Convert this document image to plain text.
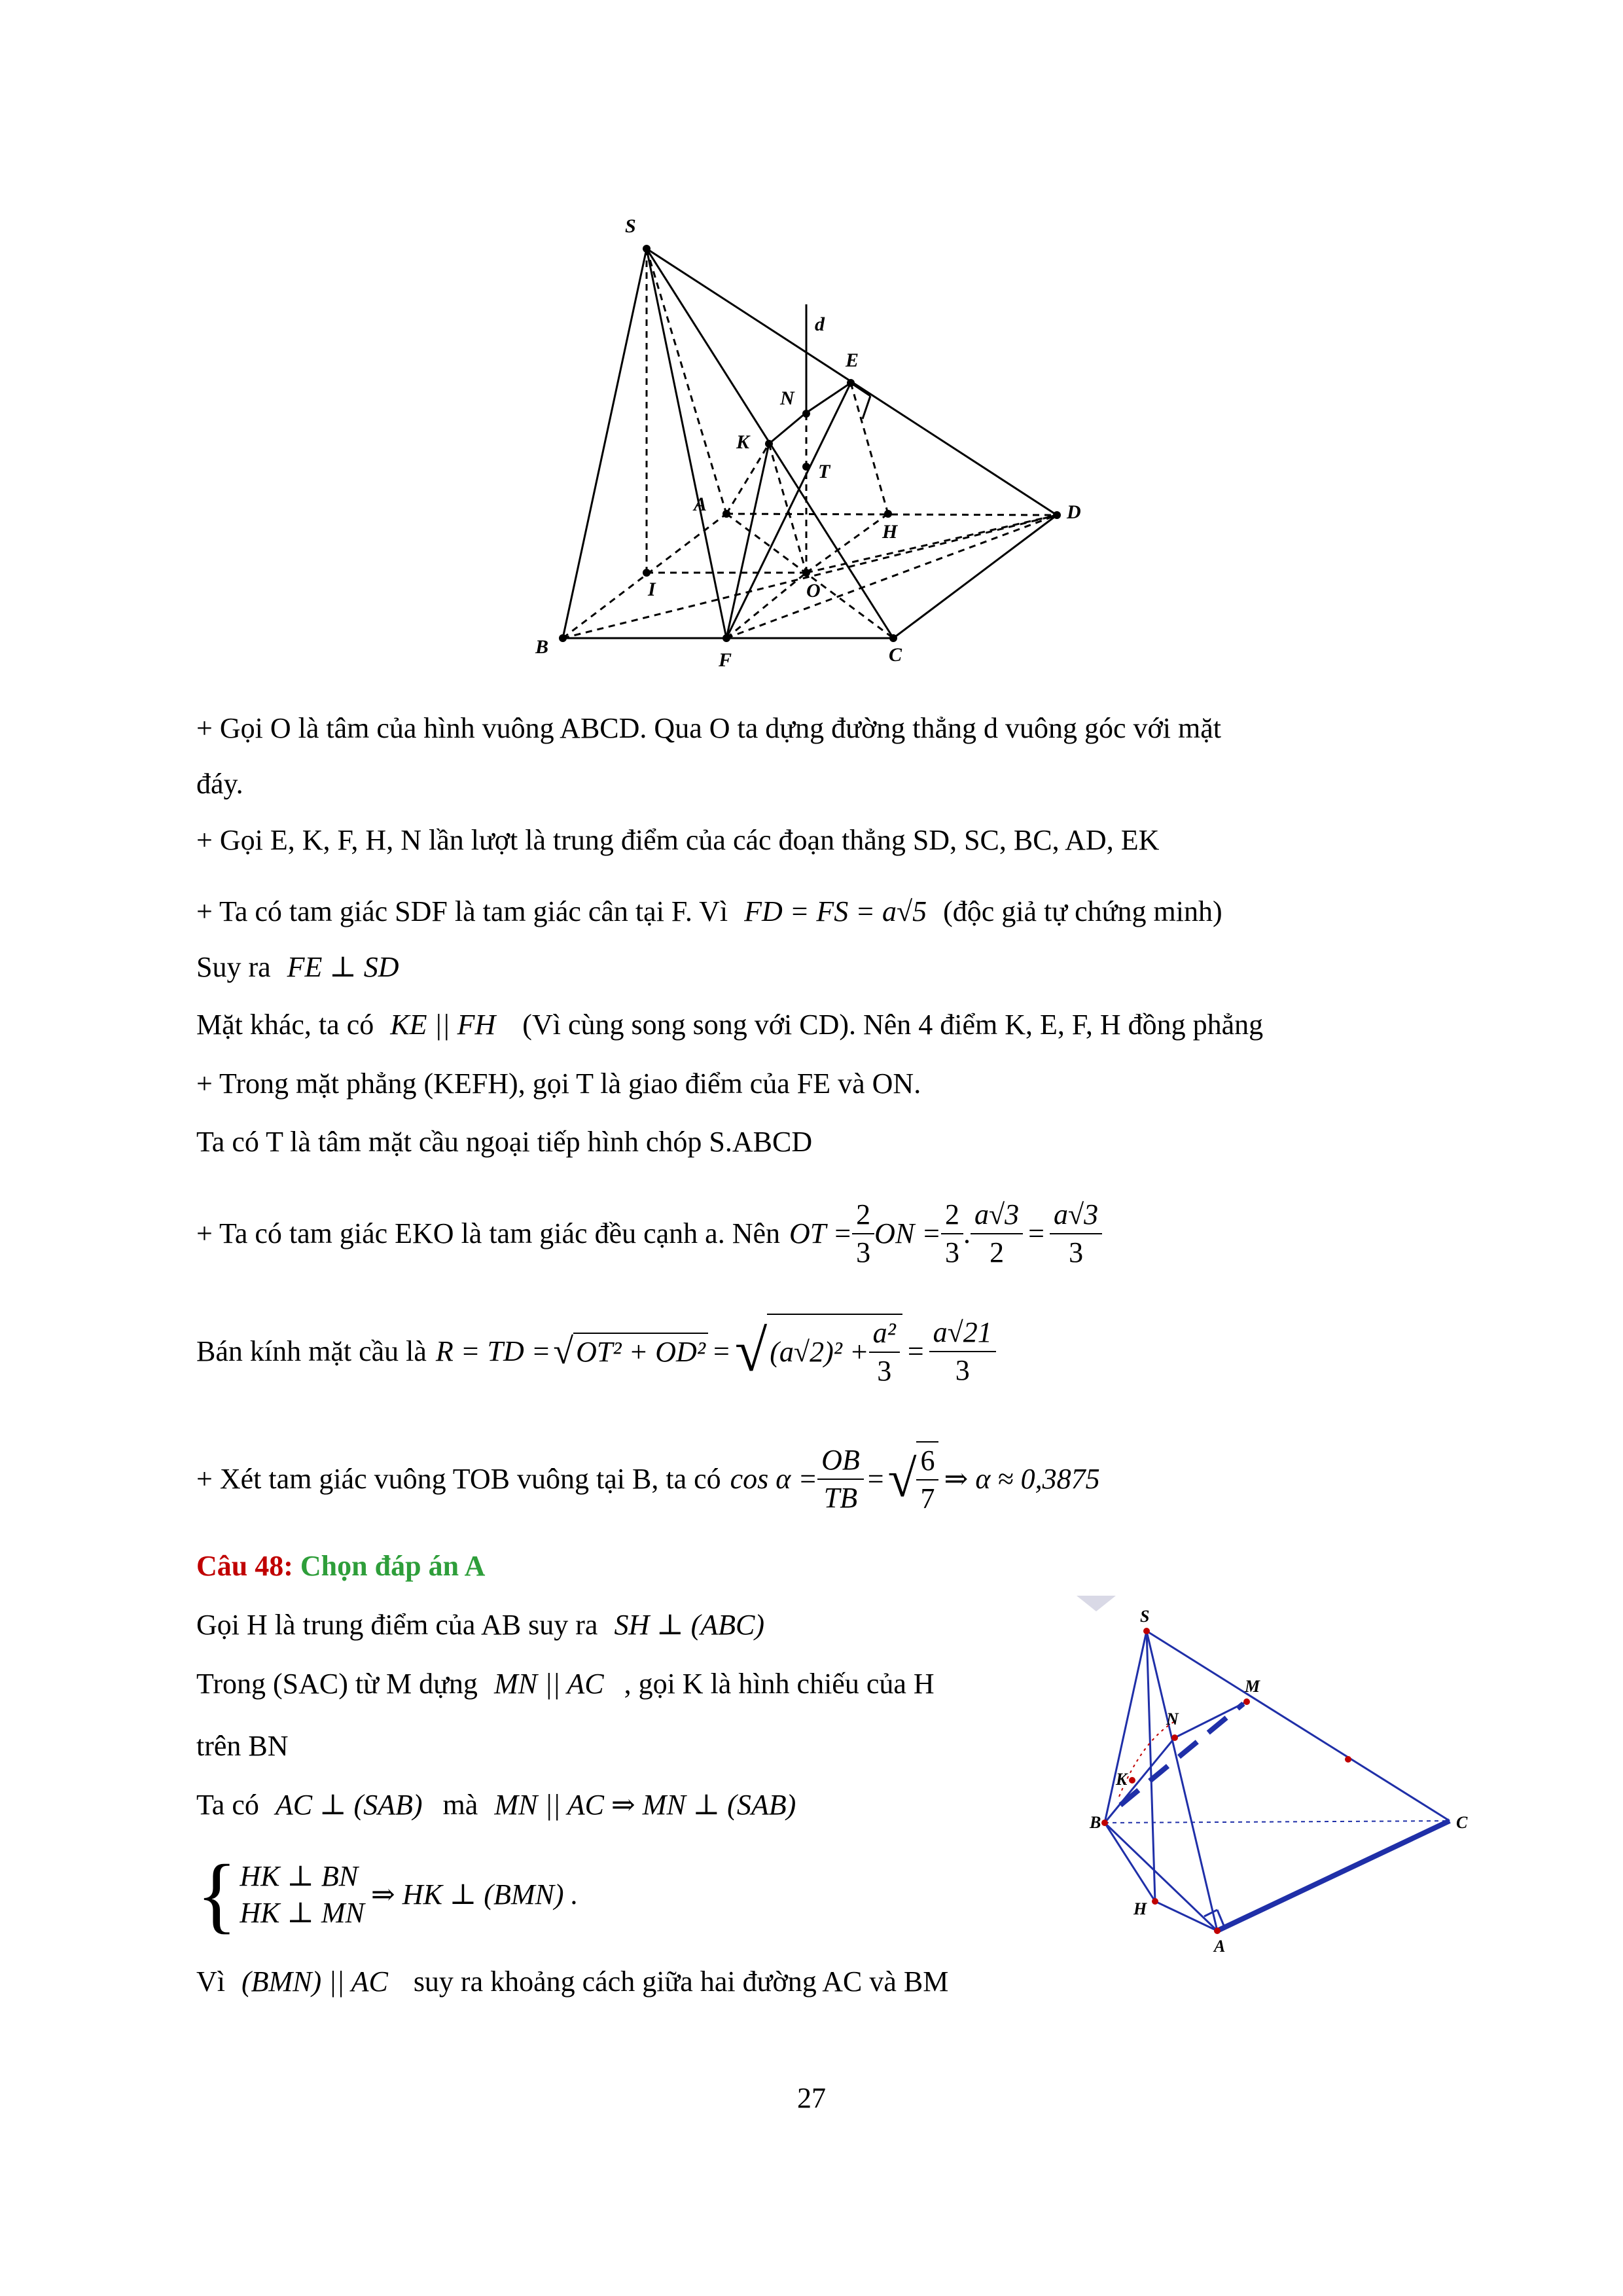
S
d
E
N
K
T
A	D
H
I	O
B
F	C
+ Gọi O là tâm của hình vuông ABCD. Qua O ta dựng đường thẳng d vuông góc với mặt
đáy.
+ Gọi E, K, F, H, N lần lượt là trung điểm của các đoạn thẳng SD, SC, BC, AD, EK
+ Ta có tam giác SDF là tam giác cân tại F. Vì FD = FS = a√5 (độc giả tự chứng minh)
Suy ra FE ⊥ SD
Mặt khác, ta có KE || FH (Vì cùng song song với CD). Nên 4 điểm K, E, F, H đồng phẳng
+ Trong mặt phẳng (KEFH), gọi T là giao điểm của FE và ON.
Ta có T là tâm mặt cầu ngoại tiếp hình chóp S.ABCD
+ Ta có tam giác EKO là tam giác đều cạnh a. Nên OT = $\frac{2}{3}$ ON = $\frac{2}{3}$ . $\frac{a√3}{2} = \frac{a√3}{3}$
Bán kính mặt cầu là R = TD = √ OT² + OD² = √ $(a√2)^2 + \frac{\text{a²}}{3} = \frac{a√21}{3}$
+ Xét tam giác vuông TOB vuông tại B, ta có $\cos \alpha = \frac{OB}{TB}$ = √ $\frac{6}{7}$ ⇒ α ≈ 0,3875
Câu 48: Chọn đáp án A
Gọi H là trung điểm của AB suy ra SH ⊥ (ABC)
Trong (SAC) từ M dựng MN || AC , gọi K là hình chiếu của H
trên BN
Ta có AC ⊥ (SAB) mà MN || AC ⇒ MN ⊥ (SAB)
{ HK ⊥ BN
HK ⊥ MN
⇒ HK ⊥ (BMN) .
Vì (BMN) || AC suy ra khoảng cách giữa hai đường AC và BM
S
M
N
K
B	C
H
A
27
